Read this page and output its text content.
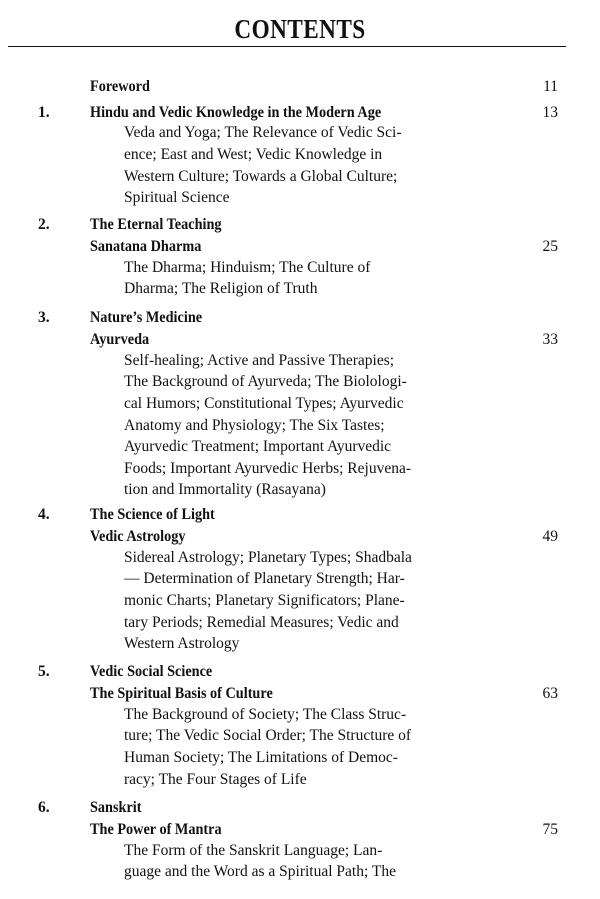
CONTENTS
Foreword	11
1.	Hindu and Vedic Knowledge in the Modern Age	13
Veda and Yoga; The Relevance of Vedic Sci-
ence; East and West; Vedic Knowledge in
Western Culture; Towards a Global Culture;
Spiritual Science
2.	The Eternal Teaching
Sanatana Dharma	25
The Dharma; Hinduism; The Culture of
Dharma; The Religion of Truth
3.	Nature’s Medicine
Ayurveda	33
Self-healing; Active and Passive Therapies;
The Background of Ayurveda; The Biolologi-
cal Humors; Constitutional Types; Ayurvedic
Anatomy and Physiology; The Six Tastes;
Ayurvedic Treatment; Important Ayurvedic
Foods; Important Ayurvedic Herbs; Rejuvena-
tion and Immortality (Rasayana)
4.	The Science of Light
Vedic Astrology	49
Sidereal Astrology; Planetary Types; Shadbala
— Determination of Planetary Strength; Har-
monic Charts; Planetary Significators; Plane-
tary Periods; Remedial Measures; Vedic and
Western Astrology
5.	Vedic Social Science
The Spiritual Basis of Culture	63
The Background of Society; The Class Struc-
ture; The Vedic Social Order; The Structure of
Human Society; The Limitations of Democ-
racy; The Four Stages of Life
6.	Sanskrit
The Power of Mantra	75
The Form of the Sanskrit Language; Lan-
guage and the Word as a Spiritual Path; The
